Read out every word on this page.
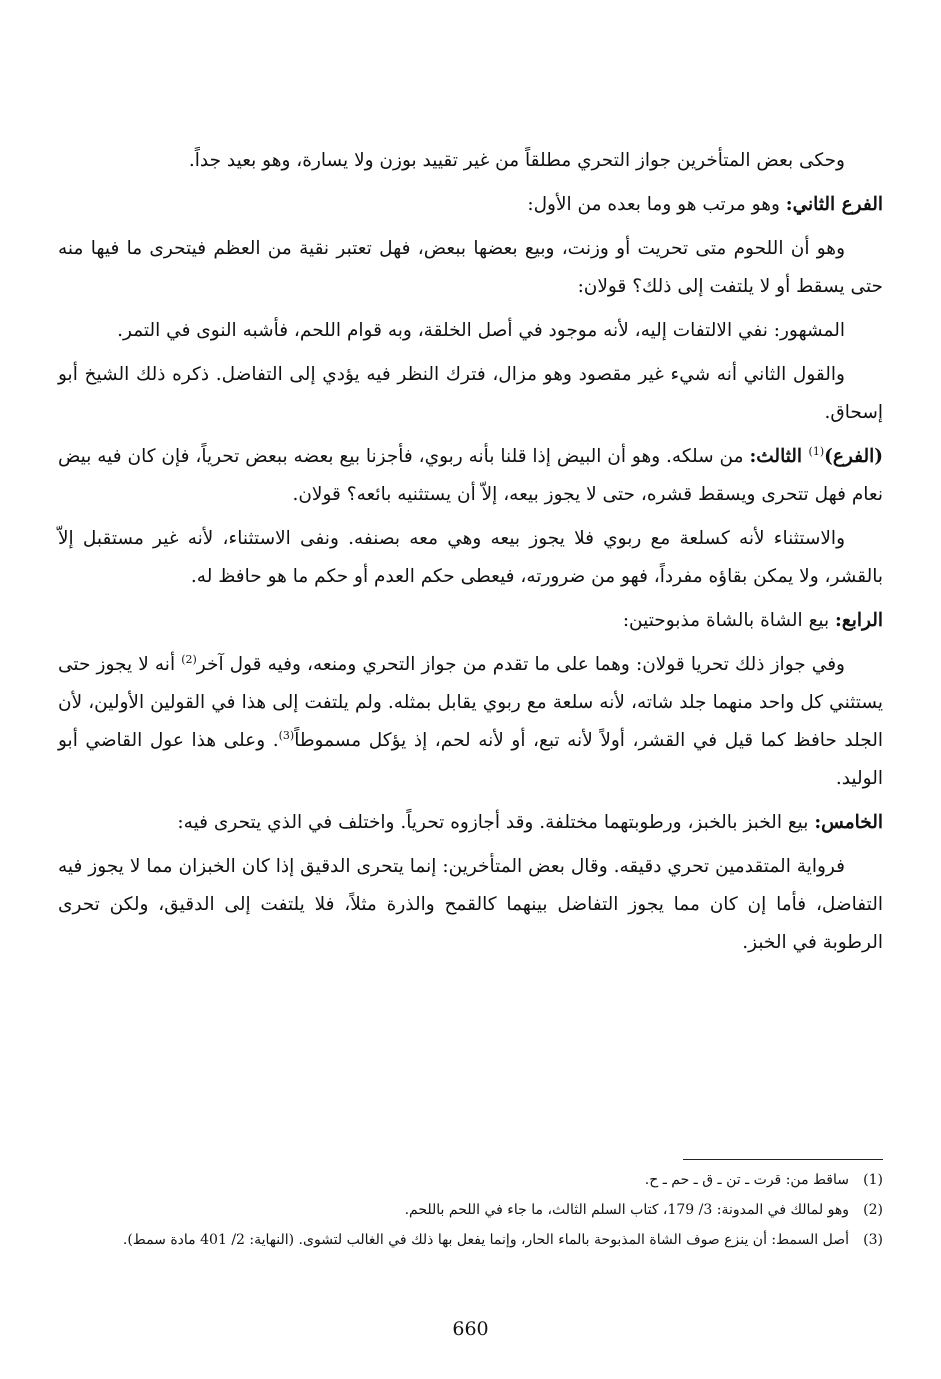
وحكى بعض المتأخرين جواز التحري مطلقاً من غير تقييد بوزن ولا يسارة، وهو بعيد جداً.

الفرع الثاني: وهو مرتب هو وما بعده من الأول:

وهو أن اللحوم متى تحريت أو وزنت، وبيع بعضها ببعض، فهل تعتبر نقية من العظم فيتحرى ما فيها منه حتى يسقط أو لا يلتفت إلى ذلك؟ قولان:

المشهور: نفي الالتفات إليه، لأنه موجود في أصل الخلقة، وبه قوام اللحم، فأشبه النوى في التمر.

والقول الثاني أنه شيء غير مقصود وهو مزال، فترك النظر فيه يؤدي إلى التفاضل. ذكره ذلك الشيخ أبو إسحاق.

(الفرع)$^{(1)}$ الثالث: من سلكه. وهو أن البيض إذا قلنا بأنه ربوي، فأجزنا بيع بعضه ببعض تحرياً، فإن كان فيه بيض نعام فهل تتحرى ويسقط قشره، حتى لا يجوز بيعه، إلاّ أن يستثنيه بائعه؟ قولان.

والاستثناء لأنه كسلعة مع ربوي فلا يجوز بيعه وهي معه بصنفه. ونفى الاستثناء، لأنه غير مستقبل إلاّ بالقشر، ولا يمكن بقاؤه مفرداً، فهو من ضرورته، فيعطى حكم العدم أو حكم ما هو حافظ له.

الرابع: بيع الشاة بالشاة مذبوحتين:

وفي جواز ذلك تحريا قولان: وهما على ما تقدم من جواز التحري ومنعه، وفيه قول آخر$^{(2)}$ أنه لا يجوز حتى يستثني كل واحد منهما جلد شاته، لأنه سلعة مع ربوي يقابل بمثله. ولم يلتفت إلى هذا في القولين الأولين، لأن الجلد حافظ كما قيل في القشر، أولاً لأنه تبع، أو لأنه لحم، إذ يؤكل مسموطاً$^{(3)}$. وعلى هذا عول القاضي أبو الوليد.

الخامس: بيع الخبز بالخبز، ورطوبتهما مختلفة. وقد أجازوه تحرياً. واختلف في الذي يتحرى فيه:

فرواية المتقدمين تحري دقيقه. وقال بعض المتأخرين: إنما يتحرى الدقيق إذا كان الخبزان مما لا يجوز فيه التفاضل، فأما إن كان مما يجوز التفاضل بينهما كالقمح والذرة مثلاً، فلا يلتفت إلى الدقيق، ولكن تحرى الرطوبة في الخبز.

(1)
ساقط من: قرت ـ تن ـ ق ـ حم ـ ح.
(2)
وهو لمالك في المدونة: 3/ 179، كتاب السلم الثالث، ما جاء في اللحم باللحم.
(3)
أصل السمط: أن ينزع صوف الشاة المذبوحة بالماء الحار، وإنما يفعل بها ذلك في الغالب لتشوى. (النهاية: 2/ 401 مادة سمط).
660
